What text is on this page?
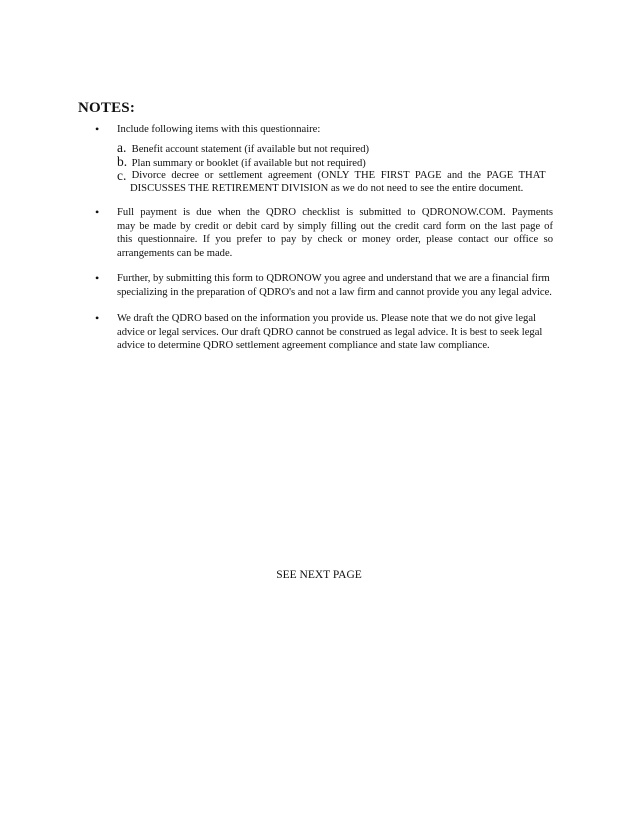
NOTES:
• Include following items with this questionnaire:
a. Benefit account statement (if available but not required)
b. Plan summary or booklet (if available but not required)
c. Divorce decree or settlement agreement (ONLY THE FIRST PAGE and the PAGE THAT
DISCUSSES THE RETIREMENT DIVISION as we do not need to see the entire document.
• Full payment is due when the QDRO checklist is submitted to QDRONOW.COM. Payments
may be made by credit or debit card by simply filling out the credit card form on the last page of
this questionnaire. If you prefer to pay by check or money order, please contact our office so
arrangements can be made.
• Further, by submitting this form to QDRONOW you agree and understand that we are a financial firm
specializing in the preparation of QDRO's and not a law firm and cannot provide you any legal advice.
• We draft the QDRO based on the information you provide us. Please note that we do not give legal
advice or legal services. Our draft QDRO cannot be construed as legal advice. It is best to seek legal
advice to determine QDRO settlement agreement compliance and state law compliance.
SEE NEXT PAGE
